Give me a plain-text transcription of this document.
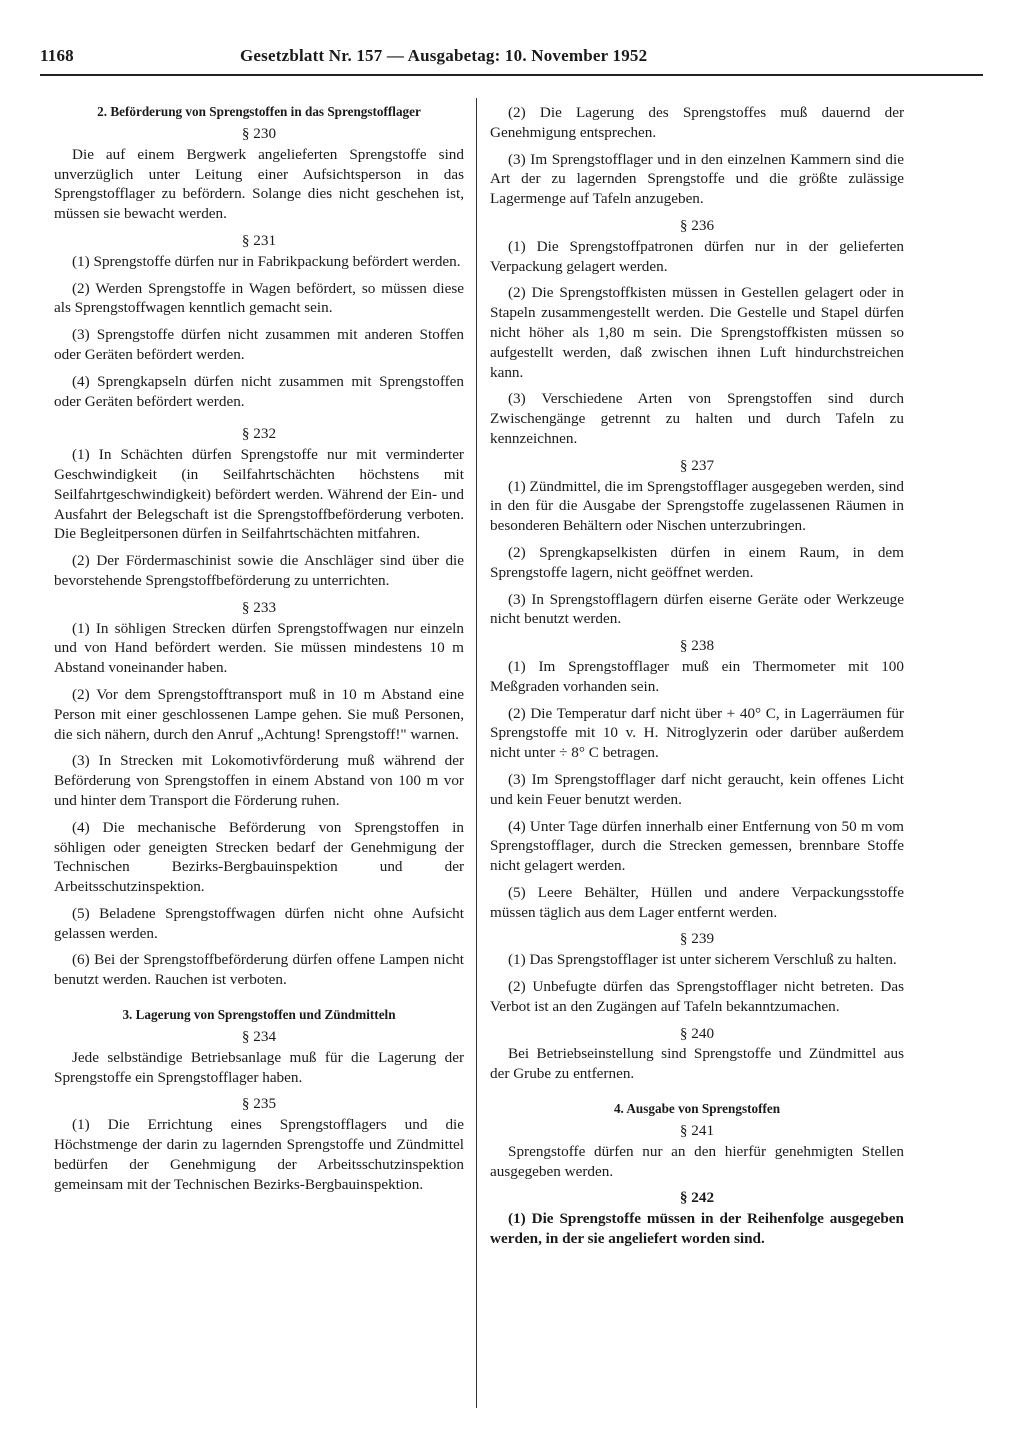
1168	Gesetzblatt Nr. 157 — Ausgabetag: 10. November 1952
2. Beförderung von Sprengstoffen in das Sprengstofflager
§ 230

Die auf einem Bergwerk angelieferten Sprengstoffe sind unverzüglich unter Leitung einer Aufsichtsperson in das Sprengstofflager zu befördern. Solange dies nicht geschehen ist, müssen sie bewacht werden.

§ 231

(1) Sprengstoffe dürfen nur in Fabrikpackung befördert werden.

(2) Werden Sprengstoffe in Wagen befördert, so müssen diese als Sprengstoffwagen kenntlich gemacht sein.

(3) Sprengstoffe dürfen nicht zusammen mit anderen Stoffen oder Geräten befördert werden.

(4) Sprengkapseln dürfen nicht zusammen mit Sprengstoffen oder Geräten befördert werden.

§ 232

(1) In Schächten dürfen Sprengstoffe nur mit verminderter Geschwindigkeit (in Seilfahrtschächten höchstens mit Seilfahrtgeschwindigkeit) befördert werden. Während der Ein- und Ausfahrt der Belegschaft ist die Sprengstoffbeförderung verboten. Die Begleitpersonen dürfen in Seilfahrtschächten mitfahren.

(2) Der Fördermaschinist sowie die Anschläger sind über die bevorstehende Sprengstoffbeförderung zu unterrichten.

§ 233

(1) In söhligen Strecken dürfen Sprengstoffwagen nur einzeln und von Hand befördert werden. Sie müssen mindestens 10 m Abstand voneinander haben.

(2) Vor dem Sprengstofftransport muß in 10 m Abstand eine Person mit einer geschlossenen Lampe gehen. Sie muß Personen, die sich nähern, durch den Anruf „Achtung! Sprengstoff!" warnen.

(3) In Strecken mit Lokomotivförderung muß während der Beförderung von Sprengstoffen in einem Abstand von 100 m vor und hinter dem Transport die Förderung ruhen.

(4) Die mechanische Beförderung von Sprengstoffen in söhligen oder geneigten Strecken bedarf der Genehmigung der Technischen Bezirks-Bergbauinspektion und der Arbeitsschutzinspektion.

(5) Beladene Sprengstoffwagen dürfen nicht ohne Aufsicht gelassen werden.

(6) Bei der Sprengstoffbeförderung dürfen offene Lampen nicht benutzt werden. Rauchen ist verboten.

3. Lagerung von Sprengstoffen und Zündmitteln
§ 234

Jede selbständige Betriebsanlage muß für die Lagerung der Sprengstoffe ein Sprengstofflager haben.

§ 235

(1) Die Errichtung eines Sprengstofflagers und die Höchstmenge der darin zu lagernden Sprengstoffe und Zündmittel bedürfen der Genehmigung der Arbeitsschutzinspektion gemeinsam mit der Technischen Bezirks-Bergbauinspektion.

(2) Die Lagerung des Sprengstoffes muß dauernd der Genehmigung entsprechen.

(3) Im Sprengstofflager und in den einzelnen Kammern sind die Art der zu lagernden Sprengstoffe und die größte zulässige Lagermenge auf Tafeln anzugeben.

§ 236

(1) Die Sprengstoffpatronen dürfen nur in der gelieferten Verpackung gelagert werden.

(2) Die Sprengstoffkisten müssen in Gestellen gelagert oder in Stapeln zusammengestellt werden. Die Gestelle und Stapel dürfen nicht höher als 1,80 m sein. Die Sprengstoffkisten müssen so aufgestellt werden, daß zwischen ihnen Luft hindurchstreichen kann.

(3) Verschiedene Arten von Sprengstoffen sind durch Zwischengänge getrennt zu halten und durch Tafeln zu kennzeichnen.

§ 237

(1) Zündmittel, die im Sprengstofflager ausgegeben werden, sind in den für die Ausgabe der Sprengstoffe zugelassenen Räumen in besonderen Behältern oder Nischen unterzubringen.

(2) Sprengkapselkisten dürfen in einem Raum, in dem Sprengstoffe lagern, nicht geöffnet werden.

(3) In Sprengstofflagern dürfen eiserne Geräte oder Werkzeuge nicht benutzt werden.

§ 238

(1) Im Sprengstofflager muß ein Thermometer mit 100 Meßgraden vorhanden sein.

(2) Die Temperatur darf nicht über + 40° C, in Lagerräumen für Sprengstoffe mit 10 v. H. Nitroglyzerin oder darüber außerdem nicht unter ÷ 8° C betragen.

(3) Im Sprengstofflager darf nicht geraucht, kein offenes Licht und kein Feuer benutzt werden.

(4) Unter Tage dürfen innerhalb einer Entfernung von 50 m vom Sprengstofflager, durch die Strecken gemessen, brennbare Stoffe nicht gelagert werden.

(5) Leere Behälter, Hüllen und andere Verpackungsstoffe müssen täglich aus dem Lager entfernt werden.

§ 239

(1) Das Sprengstofflager ist unter sicherem Verschluß zu halten.

(2) Unbefugte dürfen das Sprengstofflager nicht betreten. Das Verbot ist an den Zugängen auf Tafeln bekanntzumachen.

§ 240

Bei Betriebseinstellung sind Sprengstoffe und Zündmittel aus der Grube zu entfernen.

4. Ausgabe von Sprengstoffen
§ 241

Sprengstoffe dürfen nur an den hierfür genehmigten Stellen ausgegeben werden.

§ 242

(1) Die Sprengstoffe müssen in der Reihenfolge ausgegeben werden, in der sie angeliefert worden sind.
